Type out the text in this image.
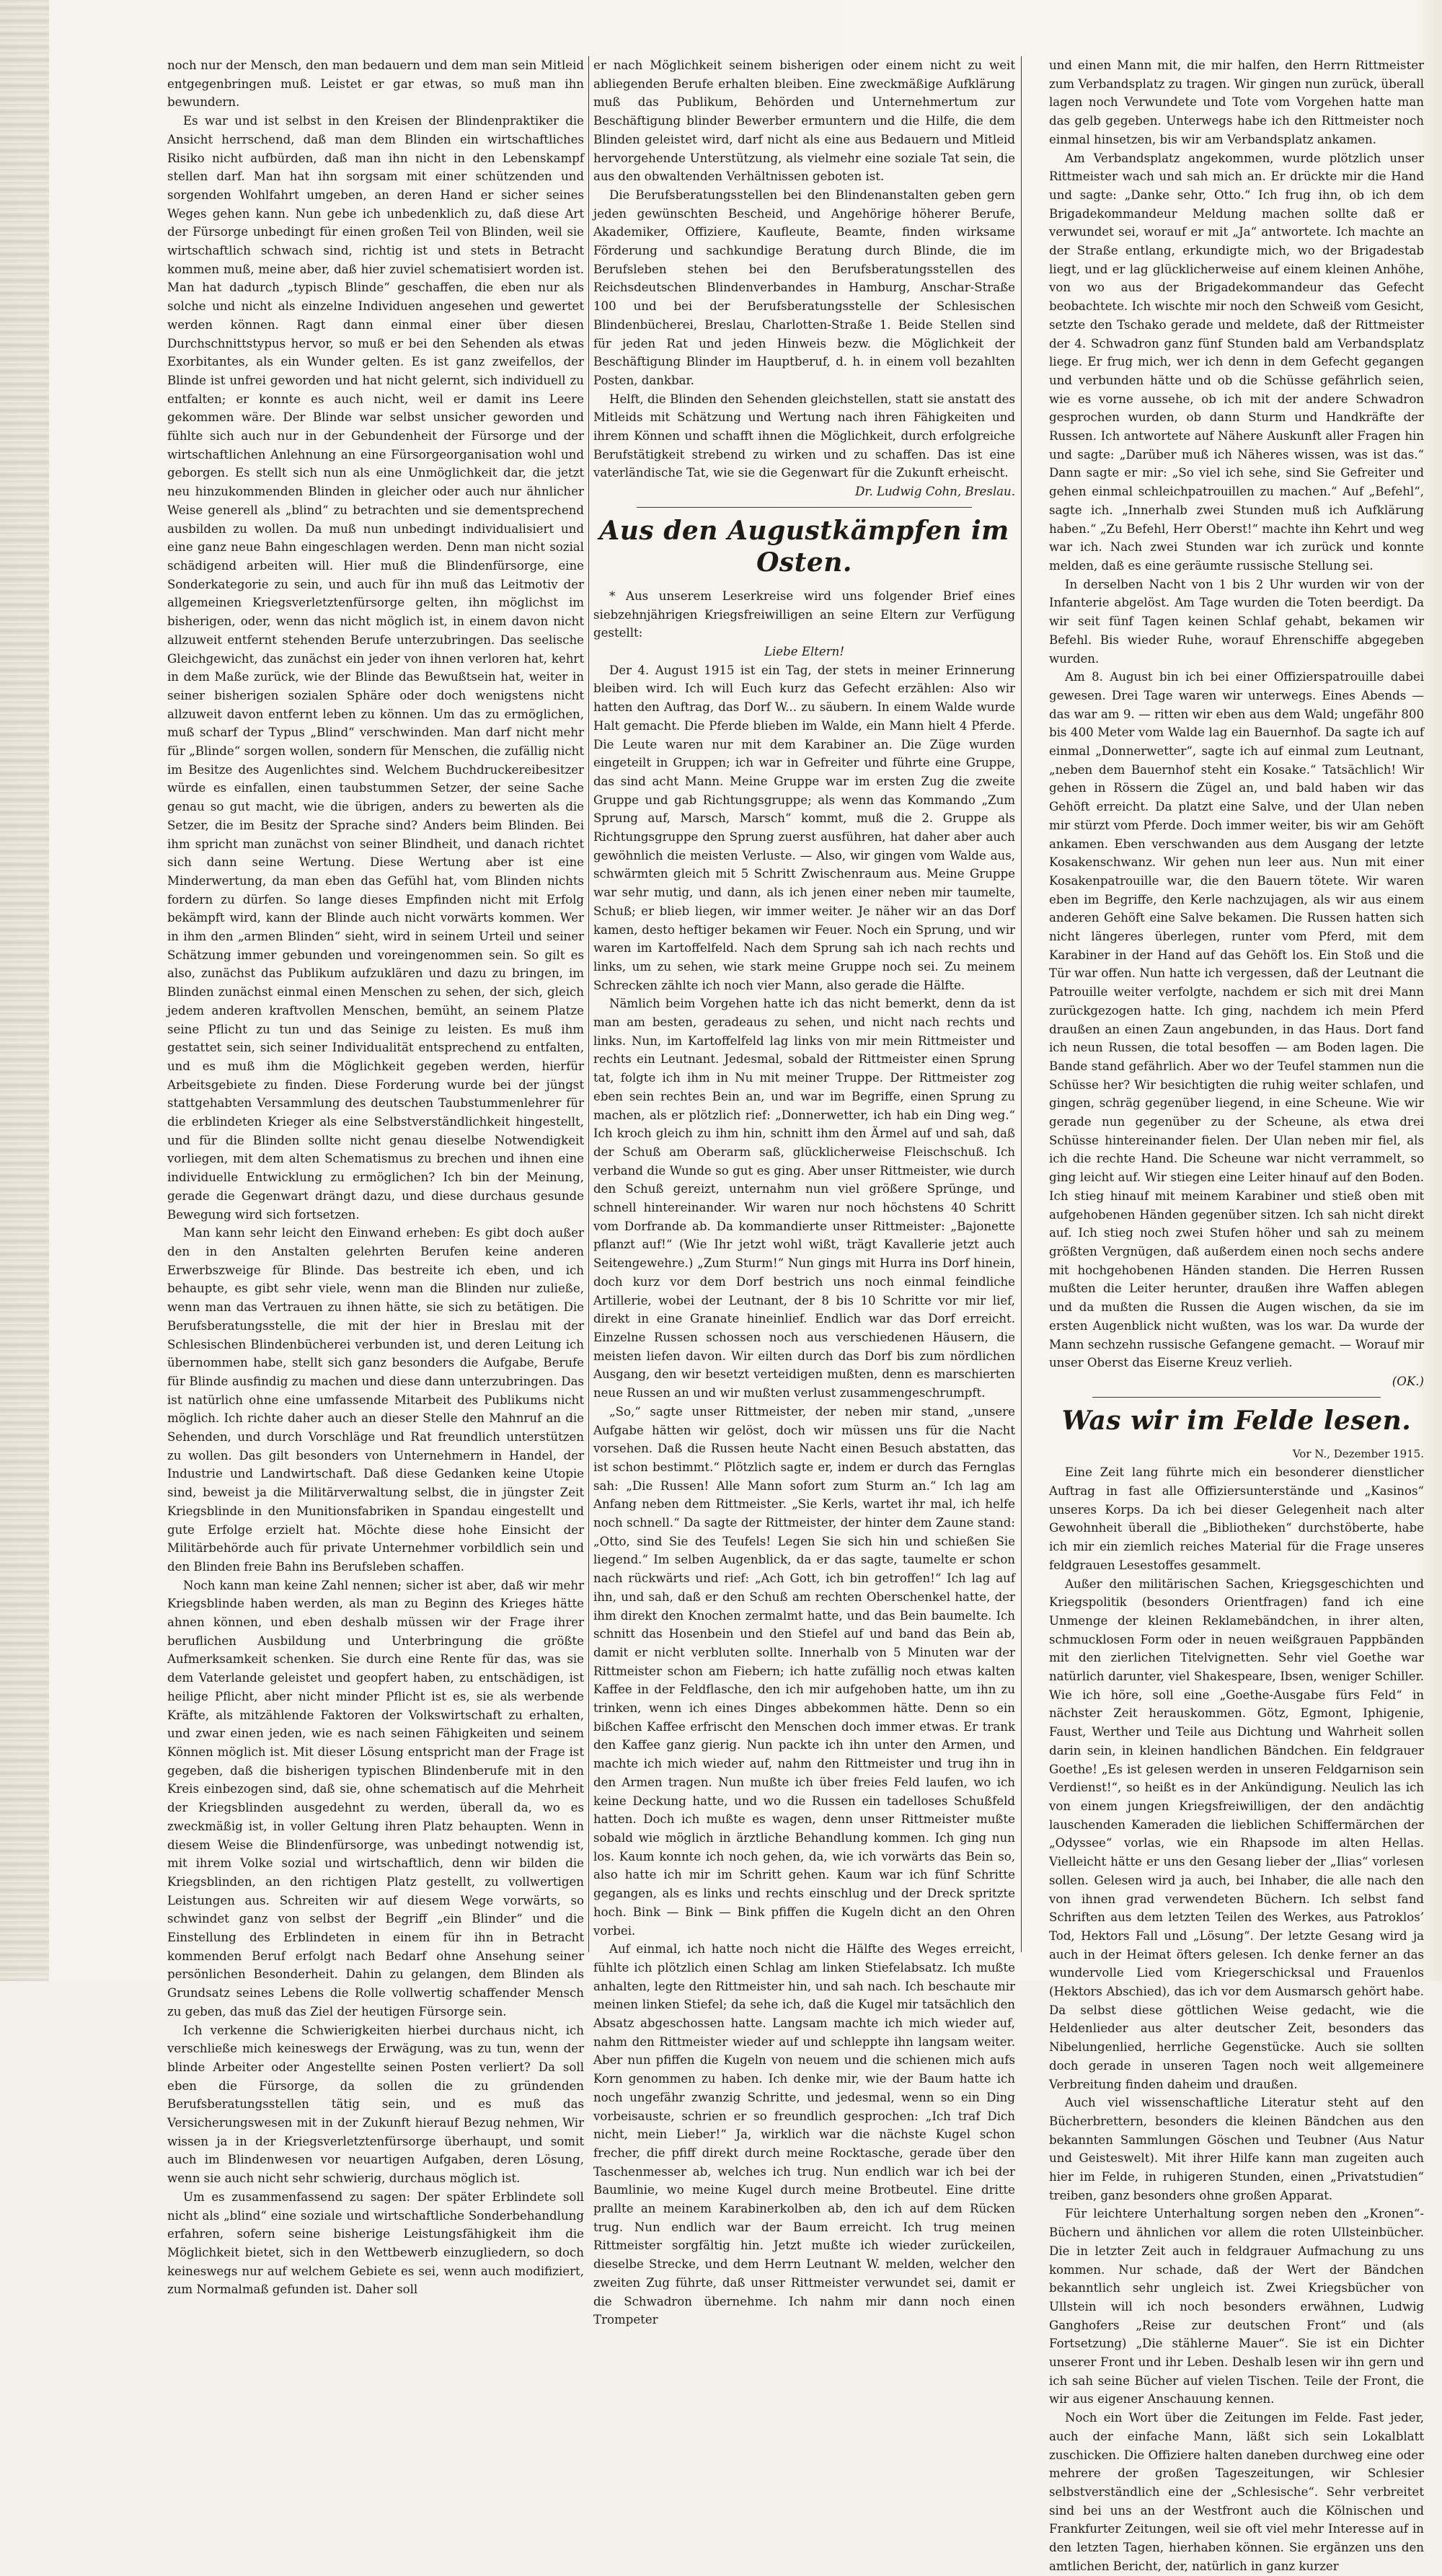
noch nur der Mensch, den man bedauern und dem man sein Mitleid entgegenbringen muß. Leistet er gar etwas, so muß man ihn bewundern.

Es war und ist selbst in den Kreisen der Blindenpraktiker die Ansicht herrschend, daß man dem Blinden ein wirtschaftliches Risiko nicht aufbürden, daß man ihn nicht in den Lebenskampf stellen darf. Man hat ihn sorgsam mit einer schützenden und sorgenden Wohlfahrt umgeben, an deren Hand er sicher seines Weges gehen kann. Nun gebe ich unbedenklich zu, daß diese Art der Fürsorge unbedingt für einen großen Teil von Blinden, weil sie wirtschaftlich schwach sind, richtig ist und stets in Betracht kommen muß, meine aber, daß hier zuviel schematisiert worden ist. Man hat dadurch „typisch Blinde“ geschaffen, die eben nur als solche und nicht als einzelne Individuen angesehen und gewertet werden können. Ragt dann einmal einer über diesen Durchschnittstypus hervor, so muß er bei den Sehenden als etwas Exorbitantes, als ein Wunder gelten. Es ist ganz zweifellos, der Blinde ist unfrei geworden und hat nicht gelernt, sich individuell zu entfalten; er konnte es auch nicht, weil er damit ins Leere gekommen wäre. Der Blinde war selbst unsicher geworden und fühlte sich auch nur in der Gebundenheit der Fürsorge und der wirtschaftlichen Anlehnung an eine Fürsorgeorganisation wohl und geborgen. Es stellt sich nun als eine Unmöglichkeit dar, die jetzt neu hinzukommenden Blinden in gleicher oder auch nur ähnlicher Weise generell als „blind“ zu betrachten und sie dementsprechend ausbilden zu wollen. Da muß nun unbedingt individualisiert und eine ganz neue Bahn eingeschlagen werden. Denn man nicht sozial schädigend arbeiten will. Hier muß die Blindenfürsorge, eine Sonderkategorie zu sein, und auch für ihn muß das Leitmotiv der allgemeinen Kriegsverletztenfürsorge gelten, ihn möglichst im bisherigen, oder, wenn das nicht möglich ist, in einem davon nicht allzuweit entfernt stehenden Berufe unterzubringen. Das seelische Gleichgewicht, das zunächst ein jeder von ihnen verloren hat, kehrt in dem Maße zurück, wie der Blinde das Bewußtsein hat, weiter in seiner bisherigen sozialen Sphäre oder doch wenigstens nicht allzuweit davon entfernt leben zu können. Um das zu ermöglichen, muß scharf der Typus „Blind“ verschwinden. Man darf nicht mehr für „Blinde“ sorgen wollen, sondern für Menschen, die zufällig nicht im Besitze des Augenlichtes sind. Welchem Buchdruckereibesitzer würde es einfallen, einen taubstummen Setzer, der seine Sache genau so gut macht, wie die übrigen, anders zu bewerten als die Setzer, die im Besitz der Sprache sind? Anders beim Blinden. Bei ihm spricht man zunächst von seiner Blindheit, und danach richtet sich dann seine Wertung. Diese Wertung aber ist eine Minderwertung, da man eben das Gefühl hat, vom Blinden nichts fordern zu dürfen. So lange dieses Empfinden nicht mit Erfolg bekämpft wird, kann der Blinde auch nicht vorwärts kommen. Wer in ihm den „armen Blinden“ sieht, wird in seinem Urteil und seiner Schätzung immer gebunden und voreingenommen sein. So gilt es also, zunächst das Publikum aufzuklären und dazu zu bringen, im Blinden zunächst einmal einen Menschen zu sehen, der sich, gleich jedem anderen kraftvollen Menschen, bemüht, an seinem Platze seine Pflicht zu tun und das Seinige zu leisten. Es muß ihm gestattet sein, sich seiner Individualität entsprechend zu entfalten, und es muß ihm die Möglichkeit gegeben werden, hierfür Arbeitsgebiete zu finden. Diese Forderung wurde bei der jüngst stattgehabten Versammlung des deutschen Taubstummenlehrer für die erblindeten Krieger als eine Selbstverständlichkeit hingestellt, und für die Blinden sollte nicht genau dieselbe Notwendigkeit vorliegen, mit dem alten Schematismus zu brechen und ihnen eine individuelle Entwicklung zu ermöglichen? Ich bin der Meinung, gerade die Gegenwart drängt dazu, und diese durchaus gesunde Bewegung wird sich fortsetzen.

Man kann sehr leicht den Einwand erheben: Es gibt doch außer den in den Anstalten gelehrten Berufen keine anderen Erwerbszweige für Blinde. Das bestreite ich eben, und ich behaupte, es gibt sehr viele, wenn man die Blinden nur zuließe, wenn man das Vertrauen zu ihnen hätte, sie sich zu betätigen. Die Berufsberatungsstelle, die mit der hier in Breslau mit der Schlesischen Blindenbücherei verbunden ist, und deren Leitung ich übernommen habe, stellt sich ganz besonders die Aufgabe, Berufe für Blinde ausfindig zu machen und diese dann unterzubringen. Das ist natürlich ohne eine umfassende Mitarbeit des Publikums nicht möglich. Ich richte daher auch an dieser Stelle den Mahnruf an die Sehenden, und durch Vorschläge und Rat freundlich unterstützen zu wollen. Das gilt besonders von Unternehmern in Handel, der Industrie und Landwirtschaft. Daß diese Gedanken keine Utopie sind, beweist ja die Militärverwaltung selbst, die in jüngster Zeit Kriegsblinde in den Munitionsfabriken in Spandau eingestellt und gute Erfolge erzielt hat. Möchte diese hohe Einsicht der Militärbehörde auch für private Unternehmer vorbildlich sein und den Blinden freie Bahn ins Berufsleben schaffen.

Noch kann man keine Zahl nennen; sicher ist aber, daß wir mehr Kriegsblinde haben werden, als man zu Beginn des Krieges hätte ahnen können, und eben deshalb müssen wir der Frage ihrer beruflichen Ausbildung und Unterbringung die größte Aufmerksamkeit schenken. Sie durch eine Rente für das, was sie dem Vaterlande geleistet und geopfert haben, zu entschädigen, ist heilige Pflicht, aber nicht minder Pflicht ist es, sie als werbende Kräfte, als mitzählende Faktoren der Volkswirtschaft zu erhalten, und zwar einen jeden, wie es nach seinen Fähigkeiten und seinem Können möglich ist. Mit dieser Lösung entspricht man der Frage ist gegeben, daß die bisherigen typischen Blindenberufe mit in den Kreis einbezogen sind, daß sie, ohne schematisch auf die Mehrheit der Kriegsblinden ausgedehnt zu werden, überall da, wo es zweckmäßig ist, in voller Geltung ihren Platz behaupten. Wenn in diesem Weise die Blindenfürsorge, was unbedingt notwendig ist, mit ihrem Volke sozial und wirtschaftlich, denn wir bilden die Kriegsblinden, an den richtigen Platz gestellt, zu vollwertigen Leistungen aus. Schreiten wir auf diesem Wege vorwärts, so schwindet ganz von selbst der Begriff „ein Blinder“ und die Einstellung des Erblindeten in einem für ihn in Betracht kommenden Beruf erfolgt nach Bedarf ohne Ansehung seiner persönlichen Besonderheit. Dahin zu gelangen, dem Blinden als Grundsatz seines Lebens die Rolle vollwertig schaffender Mensch zu geben, das muß das Ziel der heutigen Fürsorge sein.

Ich verkenne die Schwierigkeiten hierbei durchaus nicht, ich verschließe mich keineswegs der Erwägung, was zu tun, wenn der blinde Arbeiter oder Angestellte seinen Posten verliert? Da soll eben die Fürsorge, da sollen die zu gründenden Berufsberatungsstellen tätig sein, und es muß das Versicherungswesen mit in der Zukunft hierauf Bezug nehmen, Wir wissen ja in der Kriegsverletztenfürsorge überhaupt, und somit auch im Blindenwesen vor neuartigen Aufgaben, deren Lösung, wenn sie auch nicht sehr schwierig, durchaus möglich ist.

Um es zusammenfassend zu sagen: Der später Erblindete soll nicht als „blind“ eine soziale und wirtschaftliche Sonderbehandlung erfahren, sofern seine bisherige Leistungsfähigkeit ihm die Möglichkeit bietet, sich in den Wettbewerb einzugliedern, so doch keineswegs nur auf welchem Gebiete es sei, wenn auch modifiziert, zum Normalmaß gefunden ist. Daher soll

er nach Möglichkeit seinem bisherigen oder einem nicht zu weit abliegenden Berufe erhalten bleiben. Eine zweckmäßige Aufklärung muß das Publikum, Behörden und Unternehmertum zur Beschäftigung blinder Bewerber ermuntern und die Hilfe, die dem Blinden geleistet wird, darf nicht als eine aus Bedauern und Mitleid hervorgehende Unterstützung, als vielmehr eine soziale Tat sein, die aus den obwaltenden Verhältnissen geboten ist.

Die Berufsberatungsstellen bei den Blindenanstalten geben gern jeden gewünschten Bescheid, und Angehörige höherer Berufe, Akademiker, Offiziere, Kaufleute, Beamte, finden wirksame Förderung und sachkundige Beratung durch Blinde, die im Berufsleben stehen bei den Berufsberatungsstellen des Reichsdeutschen Blindenverbandes in Hamburg, Anschar-Straße 100 und bei der Berufsberatungsstelle der Schlesischen Blindenbücherei, Breslau, Charlotten-Straße 1. Beide Stellen sind für jeden Rat und jeden Hinweis bezw. die Möglichkeit der Beschäftigung Blinder im Hauptberuf, d. h. in einem voll bezahlten Posten, dankbar.

Helft, die Blinden den Sehenden gleichstellen, statt sie anstatt des Mitleids mit Schätzung und Wertung nach ihren Fähigkeiten und ihrem Können und schafft ihnen die Möglichkeit, durch erfolgreiche Berufstätigkeit strebend zu wirken und zu schaffen. Das ist eine vaterländische Tat, wie sie die Gegenwart für die Zukunft erheischt.

Dr. Ludwig Cohn, Breslau.

Aus den Augustkämpfen im Osten.

* Aus unserem Leserkreise wird uns folgender Brief eines siebzehnjährigen Kriegsfreiwilligen an seine Eltern zur Verfügung gestellt:

Liebe Eltern!

Der 4. August 1915 ist ein Tag, der stets in meiner Erinnerung bleiben wird. Ich will Euch kurz das Gefecht erzählen: Also wir hatten den Auftrag, das Dorf W... zu säubern. In einem Walde wurde Halt gemacht. Die Pferde blieben im Walde, ein Mann hielt 4 Pferde. Die Leute waren nur mit dem Karabiner an. Die Züge wurden eingeteilt in Gruppen; ich war in Gefreiter und führte eine Gruppe, das sind acht Mann. Meine Gruppe war im ersten Zug die zweite Gruppe und gab Richtungsgruppe; als wenn das Kommando „Zum Sprung auf, Marsch, Marsch“ kommt, muß die 2. Gruppe als Richtungsgruppe den Sprung zuerst ausführen, hat daher aber auch gewöhnlich die meisten Verluste. — Also, wir gingen vom Walde aus, schwärmten gleich mit 5 Schritt Zwischenraum aus. Meine Gruppe war sehr mutig, und dann, als ich jenen einer neben mir taumelte, Schuß; er blieb liegen, wir immer weiter. Je näher wir an das Dorf kamen, desto heftiger bekamen wir Feuer. Noch ein Sprung, und wir waren im Kartoffelfeld. Nach dem Sprung sah ich nach rechts und links, um zu sehen, wie stark meine Gruppe noch sei. Zu meinem Schrecken zählte ich noch vier Mann, also gerade die Hälfte.

Nämlich beim Vorgehen hatte ich das nicht bemerkt, denn da ist man am besten, geradeaus zu sehen, und nicht nach rechts und links. Nun, im Kartoffelfeld lag links von mir mein Rittmeister und rechts ein Leutnant. Jedesmal, sobald der Rittmeister einen Sprung tat, folgte ich ihm in Nu mit meiner Truppe. Der Rittmeister zog eben sein rechtes Bein an, und war im Begriffe, einen Sprung zu machen, als er plötzlich rief: „Donnerwetter, ich hab ein Ding weg.“ Ich kroch gleich zu ihm hin, schnitt ihm den Ärmel auf und sah, daß der Schuß am Oberarm saß, glücklicherweise Fleischschuß. Ich verband die Wunde so gut es ging. Aber unser Rittmeister, wie durch den Schuß gereizt, unternahm nun viel größere Sprünge, und schnell hintereinander. Wir waren nur noch höchstens 40 Schritt vom Dorfrande ab. Da kommandierte unser Rittmeister: „Bajonette pflanzt auf!“ (Wie Ihr jetzt wohl wißt, trägt Kavallerie jetzt auch Seitengewehre.) „Zum Sturm!“ Nun gings mit Hurra ins Dorf hinein, doch kurz vor dem Dorf bestrich uns noch einmal feindliche Artillerie, wobei der Leutnant, der 8 bis 10 Schritte vor mir lief, direkt in eine Granate hineinlief. Endlich war das Dorf erreicht. Einzelne Russen schossen noch aus verschiedenen Häusern, die meisten liefen davon. Wir eilten durch das Dorf bis zum nördlichen Ausgang, den wir besetzt verteidigen mußten, denn es marschierten neue Russen an und wir mußten verlust zusammengeschrumpft.

„So,“ sagte unser Rittmeister, der neben mir stand, „unsere Aufgabe hätten wir gelöst, doch wir müssen uns für die Nacht vorsehen. Daß die Russen heute Nacht einen Besuch abstatten, das ist schon bestimmt.“ Plötzlich sagte er, indem er durch das Fernglas sah: „Die Russen! Alle Mann sofort zum Sturm an.“ Ich lag am Anfang neben dem Rittmeister. „Sie Kerls, wartet ihr mal, ich helfe noch schnell.“ Da sagte der Rittmeister, der hinter dem Zaune stand: „Otto, sind Sie des Teufels! Legen Sie sich hin und schießen Sie liegend.“ Im selben Augenblick, da er das sagte, taumelte er schon nach rückwärts und rief: „Ach Gott, ich bin getroffen!“ Ich lag auf ihn, und sah, daß er den Schuß am rechten Oberschenkel hatte, der ihm direkt den Knochen zermalmt hatte, und das Bein baumelte. Ich schnitt das Hosenbein und den Stiefel auf und band das Bein ab, damit er nicht verbluten sollte. Innerhalb von 5 Minuten war der Rittmeister schon am Fiebern; ich hatte zufällig noch etwas kalten Kaffee in der Feldflasche, den ich mir aufgehoben hatte, um ihn zu trinken, wenn ich eines Dinges abbekommen hätte. Denn so ein bißchen Kaffee erfrischt den Menschen doch immer etwas. Er trank den Kaffee ganz gierig. Nun packte ich ihn unter den Armen, und machte ich mich wieder auf, nahm den Rittmeister und trug ihn in den Armen tragen. Nun mußte ich über freies Feld laufen, wo ich keine Deckung hatte, und wo die Russen ein tadelloses Schußfeld hatten. Doch ich mußte es wagen, denn unser Rittmeister mußte sobald wie möglich in ärztliche Behandlung kommen. Ich ging nun los. Kaum konnte ich noch gehen, da, wie ich vorwärts das Bein so, also hatte ich mir im Schritt gehen. Kaum war ich fünf Schritte gegangen, als es links und rechts einschlug und der Dreck spritzte hoch. Bink — Bink — Bink pfiffen die Kugeln dicht an den Ohren vorbei.

Auf einmal, ich hatte noch nicht die Hälfte des Weges erreicht, fühlte ich plötzlich einen Schlag am linken Stiefelabsatz. Ich mußte anhalten, legte den Rittmeister hin, und sah nach. Ich beschaute mir meinen linken Stiefel; da sehe ich, daß die Kugel mir tatsächlich den Absatz abgeschossen hatte. Langsam machte ich mich wieder auf, nahm den Rittmeister wieder auf und schleppte ihn langsam weiter. Aber nun pfiffen die Kugeln von neuem und die schienen mich aufs Korn genommen zu haben. Ich denke mir, wie der Baum hatte ich noch ungefähr zwanzig Schritte, und jedesmal, wenn so ein Ding vorbeisauste, schrien er so freundlich gesprochen: „Ich traf Dich nicht, mein Lieber!“ Ja, wirklich war die nächste Kugel schon frecher, die pfiff direkt durch meine Rocktasche, gerade über den Taschenmesser ab, welches ich trug. Nun endlich war ich bei der Baumlinie, wo meine Kugel durch meine Brotbeutel. Eine dritte prallte an meinem Karabinerkolben ab, den ich auf dem Rücken trug. Nun endlich war der Baum erreicht. Ich trug meinen Rittmeister sorgfältig hin. Jetzt mußte ich wieder zurückeilen, dieselbe Strecke, und dem Herrn Leutnant W. melden, welcher den zweiten Zug führte, daß unser Rittmeister verwundet sei, damit er die Schwadron übernehme. Ich nahm mir dann noch einen Trompeter

und einen Mann mit, die mir halfen, den Herrn Rittmeister zum Verbandsplatz zu tragen. Wir gingen nun zurück, überall lagen noch Verwundete und Tote vom Vorgehen hatte man das gelb gegeben. Unterwegs habe ich den Rittmeister noch einmal hinsetzen, bis wir am Verbandsplatz ankamen.

Am Verbandsplatz angekommen, wurde plötzlich unser Rittmeister wach und sah mich an. Er drückte mir die Hand und sagte: „Danke sehr, Otto.“ Ich frug ihn, ob ich dem Brigadekommandeur Meldung machen sollte daß er verwundet sei, worauf er mit „Ja“ antwortete. Ich machte an der Straße entlang, erkundigte mich, wo der Brigadestab liegt, und er lag glücklicherweise auf einem kleinen Anhöhe, von wo aus der Brigadekommandeur das Gefecht beobachtete. Ich wischte mir noch den Schweiß vom Gesicht, setzte den Tschako gerade und meldete, daß der Rittmeister der 4. Schwadron ganz fünf Stunden bald am Verbandsplatz liege. Er frug mich, wer ich denn in dem Gefecht gegangen und verbunden hätte und ob die Schüsse gefährlich seien, wie es vorne aussehe, ob ich mit der andere Schwadron gesprochen wurden, ob dann Sturm und Handkräfte der Russen. Ich antwortete auf Nähere Auskunft aller Fragen hin und sagte: „Darüber muß ich Näheres wissen, was ist das.“ Dann sagte er mir: „So viel ich sehe, sind Sie Gefreiter und gehen einmal schleichpatrouillen zu machen.“ Auf „Befehl“, sagte ich. „Innerhalb zwei Stunden muß ich Aufklärung haben.“ „Zu Befehl, Herr Oberst!“ machte ihn Kehrt und weg war ich. Nach zwei Stunden war ich zurück und konnte melden, daß es eine geräumte russische Stellung sei.

In derselben Nacht von 1 bis 2 Uhr wurden wir von der Infanterie abgelöst. Am Tage wurden die Toten beerdigt. Da wir seit fünf Tagen keinen Schlaf gehabt, bekamen wir Befehl. Bis wieder Ruhe, worauf Ehrenschiffe abgegeben wurden.

Am 8. August bin ich bei einer Offizierspatrouille dabei gewesen. Drei Tage waren wir unterwegs. Eines Abends — das war am 9. — ritten wir eben aus dem Wald; ungefähr 800 bis 400 Meter vom Walde lag ein Bauernhof. Da sagte ich auf einmal „Donnerwetter“, sagte ich auf einmal zum Leutnant, „neben dem Bauernhof steht ein Kosake.“ Tatsächlich! Wir gehen in Rössern die Zügel an, und bald haben wir das Gehöft erreicht. Da platzt eine Salve, und der Ulan neben mir stürzt vom Pferde. Doch immer weiter, bis wir am Gehöft ankamen. Eben verschwanden aus dem Ausgang der letzte Kosakenschwanz. Wir gehen nun leer aus. Nun mit einer Kosakenpatrouille war, die den Bauern tötete. Wir waren eben im Begriffe, den Kerle nachzujagen, als wir aus einem anderen Gehöft eine Salve bekamen. Die Russen hatten sich nicht längeres überlegen, runter vom Pferd, mit dem Karabiner in der Hand auf das Gehöft los. Ein Stoß und die Tür war offen. Nun hatte ich vergessen, daß der Leutnant die Patrouille weiter verfolgte, nachdem er sich mit drei Mann zurückgezogen hatte. Ich ging, nachdem ich mein Pferd draußen an einen Zaun angebunden, in das Haus. Dort fand ich neun Russen, die total besoffen — am Boden lagen. Die Bande stand gefährlich. Aber wo der Teufel stammen nun die Schüsse her? Wir besichtigten die ruhig weiter schlafen, und gingen, schräg gegenüber liegend, in eine Scheune. Wie wir gerade nun gegenüber zu der Scheune, als etwa drei Schüsse hintereinander fielen. Der Ulan neben mir fiel, als ich die rechte Hand. Die Scheune war nicht verrammelt, so ging leicht auf. Wir stiegen eine Leiter hinauf auf den Boden. Ich stieg hinauf mit meinem Karabiner und stieß oben mit aufgehobenen Händen gegenüber sitzen. Ich sah nicht direkt auf. Ich stieg noch zwei Stufen höher und sah zu meinem größten Vergnügen, daß außerdem einen noch sechs andere mit hochgehobenen Händen standen. Die Herren Russen mußten die Leiter herunter, draußen ihre Waffen ablegen und da mußten die Russen die Augen wischen, da sie im ersten Augenblick nicht wußten, was los war. Da wurde der Mann sechzehn russische Gefangene gemacht. — Worauf mir unser Oberst das Eiserne Kreuz verlieh.

(OK.)

Was wir im Felde lesen.

Vor N., Dezember 1915.

Eine Zeit lang führte mich ein besonderer dienstlicher Auftrag in fast alle Offiziersunterstände und „Kasinos“ unseres Korps. Da ich bei dieser Gelegenheit nach alter Gewohnheit überall die „Bibliotheken“ durchstöberte, habe ich mir ein ziemlich reiches Material für die Frage unseres feldgrauen Lesestoffes gesammelt.

Außer den militärischen Sachen, Kriegsgeschichten und Kriegspolitik (besonders Orientfragen) fand ich eine Unmenge der kleinen Reklamebändchen, in ihrer alten, schmucklosen Form oder in neuen weißgrauen Pappbänden mit den zierlichen Titelvignetten. Sehr viel Goethe war natürlich darunter, viel Shakespeare, Ibsen, weniger Schiller. Wie ich höre, soll eine „Goethe-Ausgabe fürs Feld“ in nächster Zeit herauskommen. Götz, Egmont, Iphigenie, Faust, Werther und Teile aus Dichtung und Wahrheit sollen darin sein, in kleinen handlichen Bändchen. Ein feldgrauer Goethe! „Es ist gelesen werden in unseren Feldgarnison sein Verdienst!“, so heißt es in der Ankündigung. Neulich las ich von einem jungen Kriegsfreiwilligen, der den andächtig lauschenden Kameraden die lieblichen Schiffermärchen der „Odyssee“ vorlas, wie ein Rhapsode im alten Hellas. Vielleicht hätte er uns den Gesang lieber der „Ilias“ vorlesen sollen. Gelesen wird ja auch, bei Inhaber, die alle nach den von ihnen grad verwendeten Büchern. Ich selbst fand Schriften aus dem letzten Teilen des Werkes, aus Patroklos’ Tod, Hektors Fall und „Lösung“. Der letzte Gesang wird ja auch in der Heimat öfters gelesen. Ich denke ferner an das wundervolle Lied vom Kriegerschicksal und Frauenlos (Hektors Abschied), das ich vor dem Ausmarsch gehört habe. Da selbst diese göttlichen Weise gedacht, wie die Heldenlieder aus alter deutscher Zeit, besonders das Nibelungenlied, herrliche Gegenstücke. Auch sie sollten doch gerade in unseren Tagen noch weit allgemeinere Verbreitung finden daheim und draußen.

Auch viel wissenschaftliche Literatur steht auf den Bücherbrettern, besonders die kleinen Bändchen aus den bekannten Sammlungen Göschen und Teubner (Aus Natur und Geisteswelt). Mit ihrer Hilfe kann man zugeiten auch hier im Felde, in ruhigeren Stunden, einen „Privatstudien“ treiben, ganz besonders ohne großen Apparat.

Für leichtere Unterhaltung sorgen neben den „Kronen“-Büchern und ähnlichen vor allem die roten Ullsteinbücher. Die in letzter Zeit auch in feldgrauer Aufmachung zu uns kommen. Nur schade, daß der Wert der Bändchen bekanntlich sehr ungleich ist. Zwei Kriegsbücher von Ullstein will ich noch besonders erwähnen, Ludwig Ganghofers „Reise zur deutschen Front“ und (als Fortsetzung) „Die stählerne Mauer“. Sie ist ein Dichter unserer Front und ihr Leben. Deshalb lesen wir ihn gern und ich sah seine Bücher auf vielen Tischen. Teile der Front, die wir aus eigener Anschauung kennen.

Noch ein Wort über die Zeitungen im Felde. Fast jeder, auch der einfache Mann, läßt sich sein Lokalblatt zuschicken. Die Offiziere halten daneben durchweg eine oder mehrere der großen Tageszeitungen, wir Schlesier selbstverständlich eine der „Schlesische“. Sehr verbreitet sind bei uns an der Westfront auch die Kölnischen und Frankfurter Zeitungen, weil sie oft viel mehr Interesse auf in den letzten Tagen, hierhaben können. Sie ergänzen uns den amtlichen Bericht, der, natürlich in ganz kurzer
